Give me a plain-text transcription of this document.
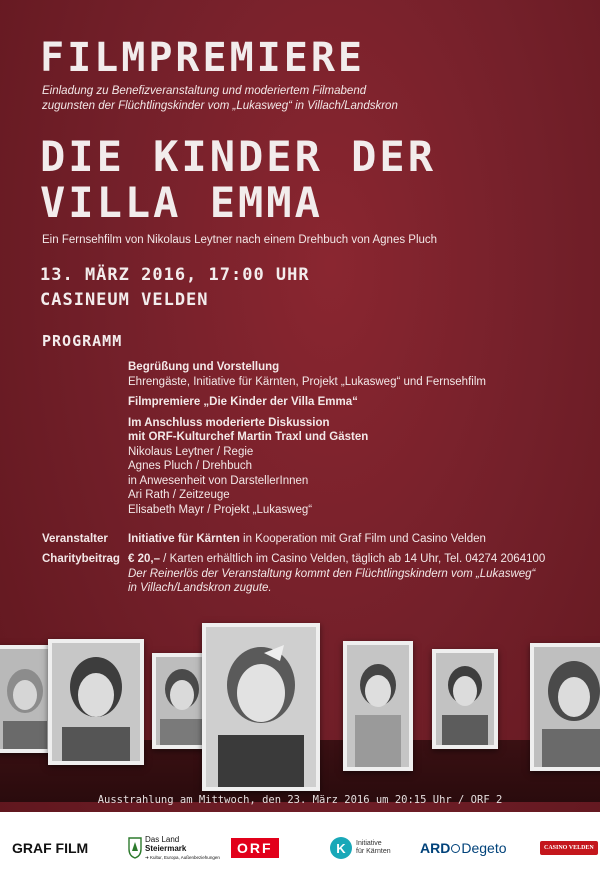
FILMPREMIERE
Einladung zu Benefizveranstaltung und moderiertem Filmabend
zugunsten der Flüchtlingskinder vom „Lukasweg“ in Villach/Landskron
DIE KINDER DER
VILLA EMMA
Ein Fernsehfilm von Nikolaus Leytner nach einem Drehbuch von Agnes Pluch
13. MÄRZ 2016, 17:00 UHR
CASINEUM VELDEN
PROGRAMM
Begrüßung und Vorstellung
Ehrengäste, Initiative für Kärnten, Projekt „Lukasweg“ und Fernsehfilm
Filmpremiere „Die Kinder der Villa Emma“
Im Anschluss moderierte Diskussion
mit ORF-Kulturchef Martin Traxl und Gästen
Nikolaus Leytner / Regie
Agnes Pluch / Drehbuch
in Anwesenheit von DarstellerInnen
Ari Rath / Zeitzeuge
Elisabeth Mayr / Projekt „Lukasweg“
Veranstalter	Initiative für Kärnten in Kooperation mit Graf Film und Casino Velden
Charitybeitrag € 20,– / Karten erhältlich im Casino Velden, täglich ab 14 Uhr, Tel. 04274 2064100
Der Reinerlös der Veranstaltung kommt den Flüchtlingskindern vom „Lukasweg“
in Villach/Landskron zugute.
Ausstrahlung am Mittwoch, den 23. März 2016 um 20:15 Uhr / ORF 2
GRAF FILM
Das Land
Steiermark
➔ Kultur, Europa, Außenbeziehungen
ORF	K	Initiative
für Kärnten ARD Degeto	CASINO VELDEN
